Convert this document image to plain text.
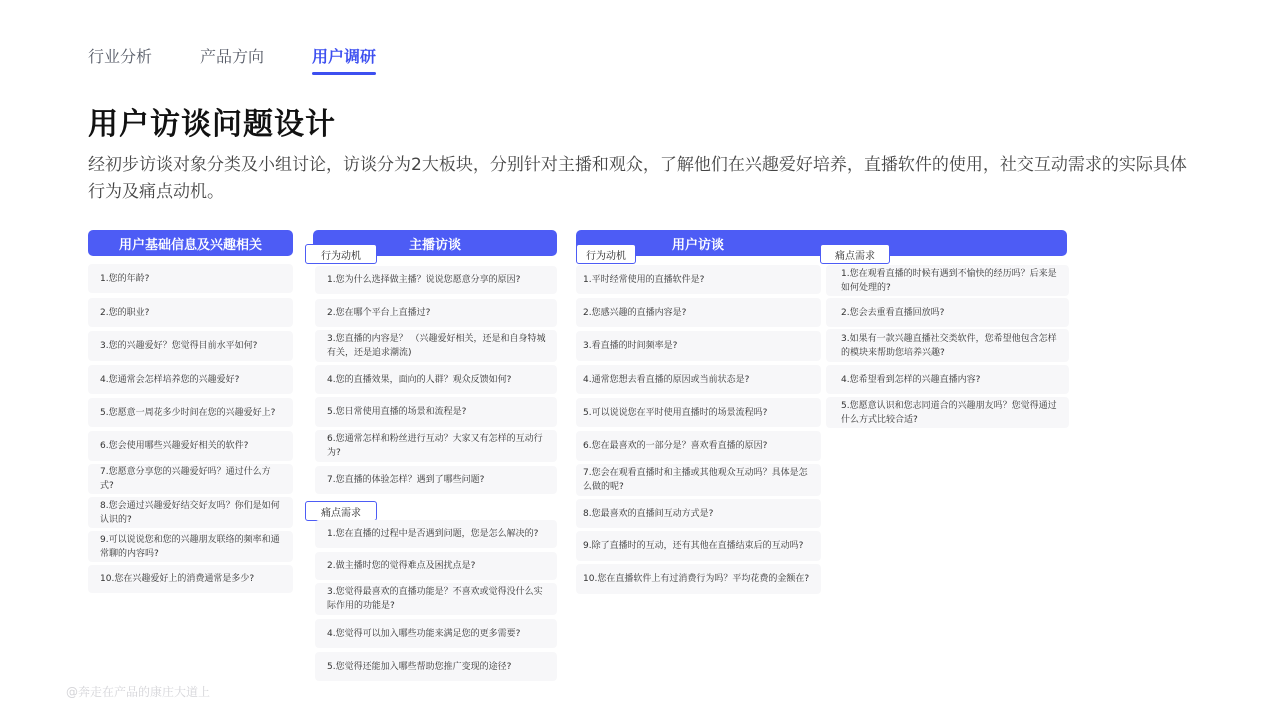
行业分析	产品方向	用户调研
用户访谈问题设计
经初步访谈对象分类及小组讨论，访谈分为2大板块，分别针对主播和观众，了解他们在兴趣爱好培养，直播软件的使用，社交互动需求的实际具体行为及痛点动机。
用户基础信息及兴趣相关
1.您的年龄?
2.您的职业?
3.您的兴趣爱好？您觉得目前水平如何?
4.您通常会怎样培养您的兴趣爱好?
5.您愿意一周花多少时间在您的兴趣爱好上?
6.您会使用哪些兴趣爱好相关的软件?
7.您愿意分享您的兴趣爱好吗？通过什么方式?
8.您会通过兴趣爱好结交好友吗？你们是如何认识的?
9.可以说说您和您的兴趣朋友联络的频率和通常聊的内容吗?
10.您在兴趣爱好上的消费通常是多少?
主播访谈
行为动机
1.您为什么选择做主播？说说您愿意分享的原因?
2.您在哪个平台上直播过?
3.您直播的内容是？ （兴趣爱好相关，还是和自身特城有关，还是追求潮流)
4.您的直播效果，面向的人群？观众反馈如何?
5.您日常使用直播的场景和流程是?
6.您通常怎样和粉丝进行互动？大家又有怎样的互动行为?
7.您直播的体验怎样？遇到了哪些问题?
痛点需求
1.您在直播的过程中是否遇到问题，您是怎么解决的?
2.做主播时您的觉得难点及困扰点是?
3.您觉得最喜欢的直播功能是？不喜欢或觉得没什么实际作用的功能是?
4.您觉得可以加入哪些功能来满足您的更多需要?
5.您觉得还能加入哪些帮助您推广变现的途径?
用户访谈
行为动机	痛点需求
1.平时经常使用的直播软件是?
2.您感兴趣的直播内容是?
3.看直播的时间频率是?
4.通常您想去看直播的原因或当前状态是?
5.可以说说您在平时使用直播时的场景流程吗?
6.您在最喜欢的一部分是？喜欢看直播的原因?
7.您会在观看直播时和主播或其他观众互动吗？具体是怎么做的呢?
8.您最喜欢的直播间互动方式是?
9.除了直播时的互动，还有其他在直播结束后的互动吗?
10.您在直播软件上有过消费行为吗？平均花费的金额在?
1.您在观看直播的时候有遇到不愉快的经历吗？后来是如何处理的?
2.您会去重看直播回放吗?
3.如果有一款兴趣直播社交类软件，您希望他包含怎样的模块来帮助您培养兴趣?
4.您希望看到怎样的兴趣直播内容?
5.您愿意认识和您志同道合的兴趣朋友吗？您觉得通过什么方式比较合适?
@奔走在产品的康庄大道上
